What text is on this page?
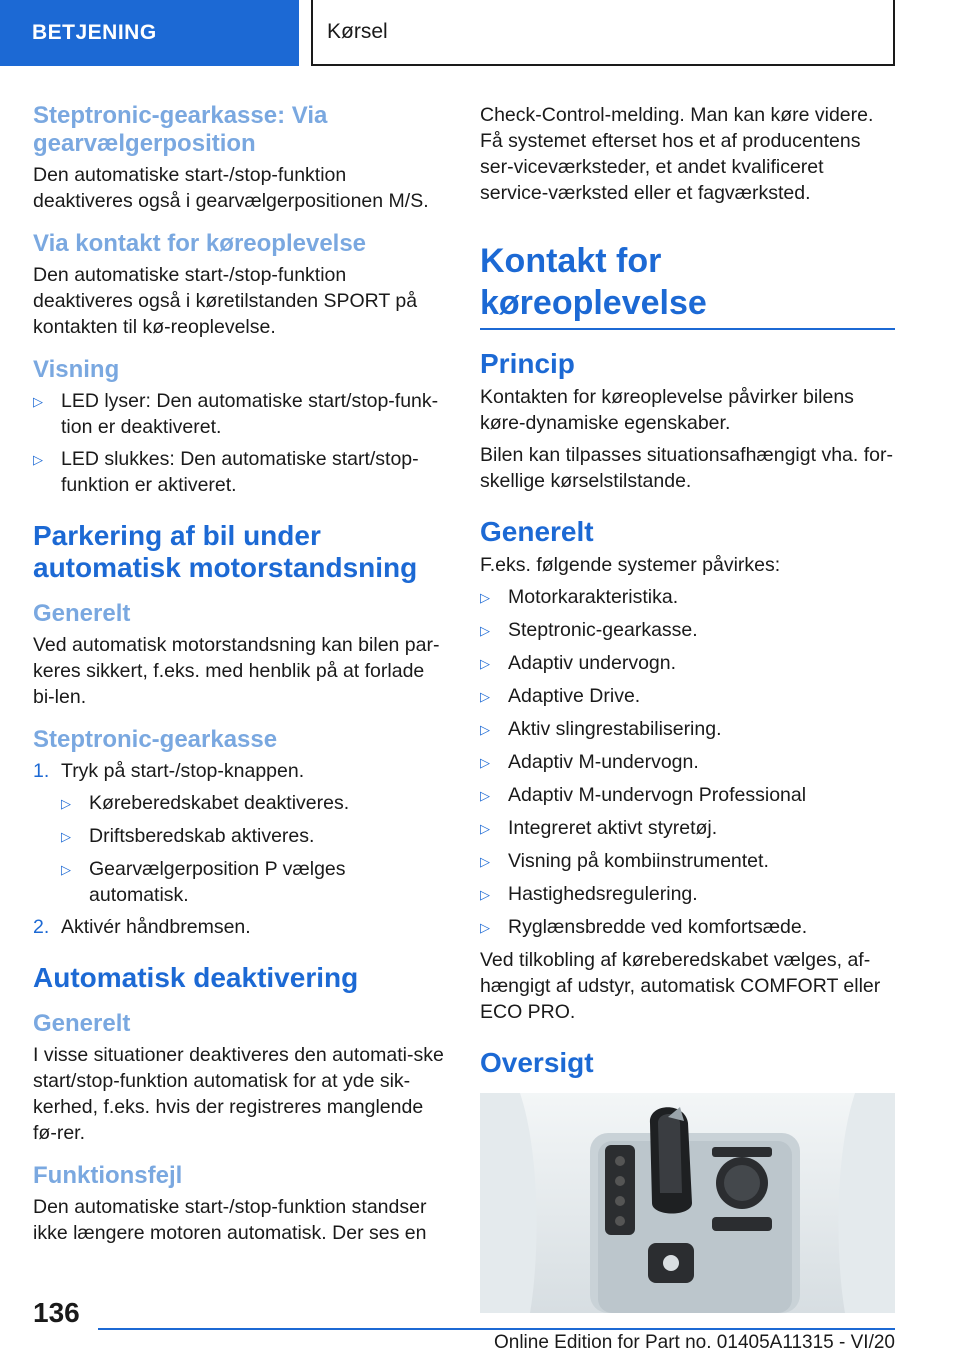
BETJENING	Kørsel
Steptronic-gearkasse: Via gearvælgerposition

Den automatiske start-/stop-funktion deaktiveres også i gearvælgerpositionen M/S.

Via kontakt for køreoplevelse

Den automatiske start-/stop-funktion deaktiveres også i køretilstanden SPORT på kontakten til kø-reoplevelse.

Visning
▷ LED lyser: Den automatiske start/stop-funk-tion er deaktiveret.
▷ LED slukkes: Den automatiske start/stop-funktion er aktiveret.
Parkering af bil under automatisk motorstandsning
Generelt

Ved automatisk motorstandsning kan bilen par-keres sikkert, f.eks. med henblik på at forlade bi-len.

Steptronic-gearkasse
1. Tryk på start-/stop-knappen.
▷ Køreberedskabet deaktiveres.
▷ Driftsberedskab aktiveres.
▷ Gearvælgerposition P vælges automatisk.
2. Aktivér håndbremsen.
Automatisk deaktivering
Generelt

I visse situationer deaktiveres den automati-ske start/stop-funktion automatisk for at yde sik-kerhed, f.eks. hvis der registreres manglende fø-rer.

Funktionsfejl

Den automatiske start-/stop-funktion standser ikke længere motoren automatisk. Der ses en

Check-Control-melding. Man kan køre videre. Få systemet efterset hos et af producentens ser-viceværksteder, et andet kvalificeret service-værksted eller et fagværksted.

Kontakt for køreoplevelse
Princip

Kontakten for køreoplevelse påvirker bilens køre-dynamiske egenskaber.

Bilen kan tilpasses situationsafhængigt vha. for-skellige kørselstilstande.

Generelt

F.eks. følgende systemer påvirkes:

▷ Motorkarakteristika.
▷ Steptronic-gearkasse.
▷ Adaptiv undervogn.
▷ Adaptive Drive.
▷ Aktiv slingrestabilisering.
▷ Adaptiv M-undervogn.
▷ Adaptiv M-undervogn Professional
▷ Integreret aktivt styretøj.
▷ Visning på kombiinstrumentet.
▷ Hastighedsregulering.
▷ Ryglænsbredde ved komfortsæde.

Ved tilkobling af køreberedskabet vælges, af-hængigt af udstyr, automatisk COMFORT eller ECO PRO.

Oversigt
136
Online Edition for Part no. 01405A11315 - VI/20
